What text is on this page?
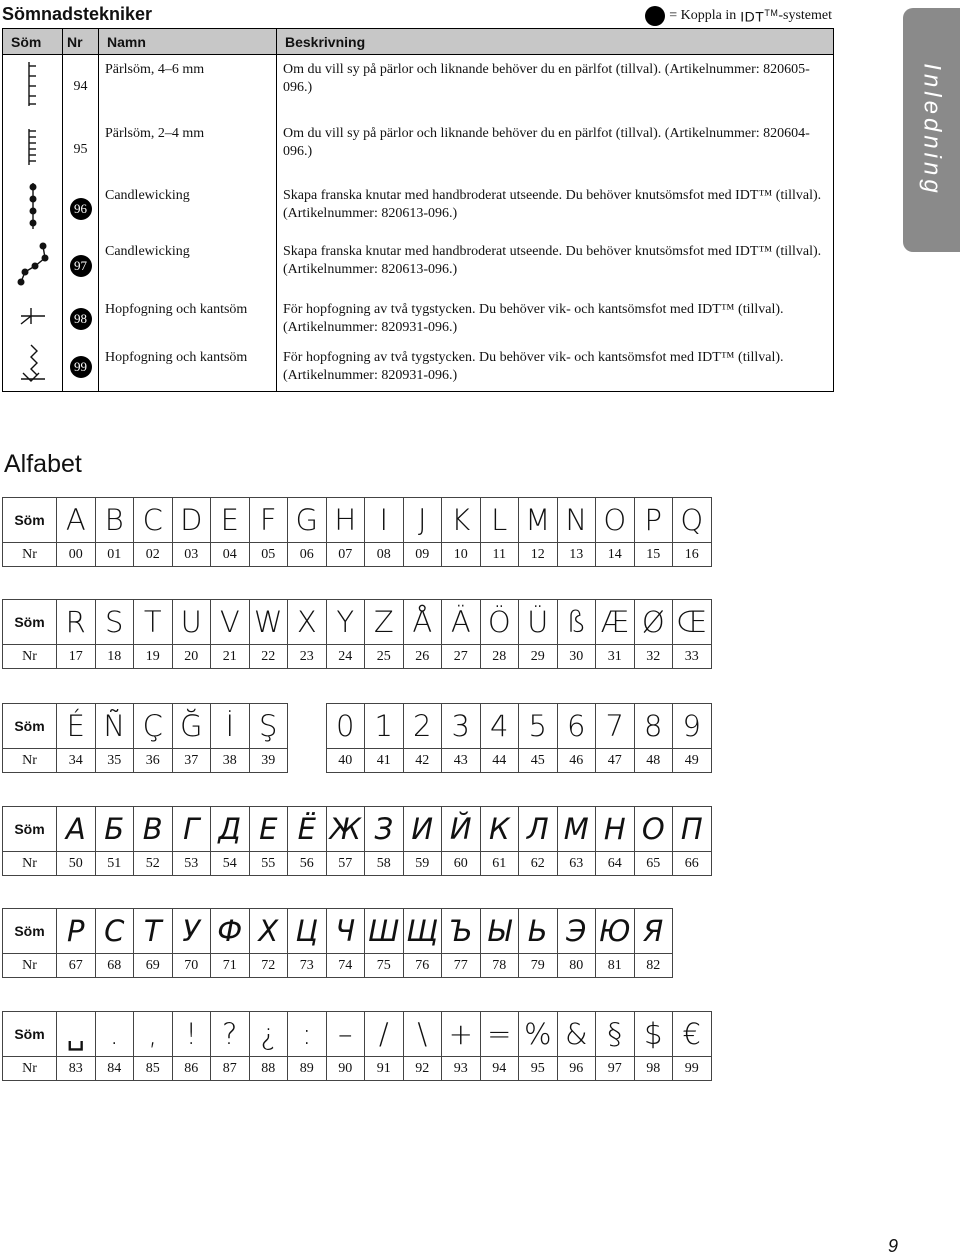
Sömnadstekniker	= Koppla in IDT™ -systemet
Inledning
Söm	Nr	Namn	Beskrivning
	94	Pärlsöm, 4–6 mm	Om du vill sy på pärlor och liknande behöver du en pärlfot (tillval). (Artikelnummer: 820605-096.)
	95	Pärlsöm, 2–4 mm	Om du vill sy på pärlor och liknande behöver du en pärlfot (tillval). (Artikelnummer: 820604-096.)
	96	Candlewicking	Skapa franska knutar med handbroderat utseende. Du behöver knutsömsfot med IDT™ (tillval). (Artikelnummer: 820613-096.)
	97	Candlewicking	Skapa franska knutar med handbroderat utseende. Du behöver knutsömsfot med IDT™ (tillval). (Artikelnummer: 820613-096.)
	98	Hopfogning och kantsöm	För hopfogning av två tygstycken. Du behöver vik- och kantsömsfot med IDT™ (tillval). (Artikelnummer: 820931-096.)
	99	Hopfogning och kantsöm	För hopfogning av två tygstycken. Du behöver vik- och kantsömsfot med IDT™ (tillval). (Artikelnummer: 820931-096.)
Alfabet
Söm	A	B	C	D	E	F	G	H	I	J	K	L	M	N	O	P	Q
Nr	00	01	02	03	04	05	06	07	08	09	10	11	12	13	14	15	16
Söm	R	S	T	U	V	W	X	Y	Z	Å	Ä	Ö	Ü	ß	Æ	Ø	Œ
Nr	17	18	19	20	21	22	23	24	25	26	27	28	29	30	31	32	33
Söm	É	Ñ	Ç	Ğ	İ	Ş		0	1	2	3	4	5	6	7	8	9
Nr	34	35	36	37	38	39		40	41	42	43	44	45	46	47	48	49
Söm	А	Б	В	Г	Д	Е	Ё	Ж	З	И	Й	К	Л	М	Н	О	П
Nr	50	51	52	53	54	55	56	57	58	59	60	61	62	63	64	65	66
Söm	Р	С	Т	У	Ф	Х	Ц	Ч	Ш	Щ	Ъ	Ы	Ь	Э	Ю	Я
Nr	67	68	69	70	71	72	73	74	75	76	77	78	79	80	81	82
Söm	␣	.	,	!	?	¿	:	–	/	\	+	=	%	&	§	$	€
Nr	83	84	85	86	87	88	89	90	91	92	93	94	95	96	97	98	99
9
